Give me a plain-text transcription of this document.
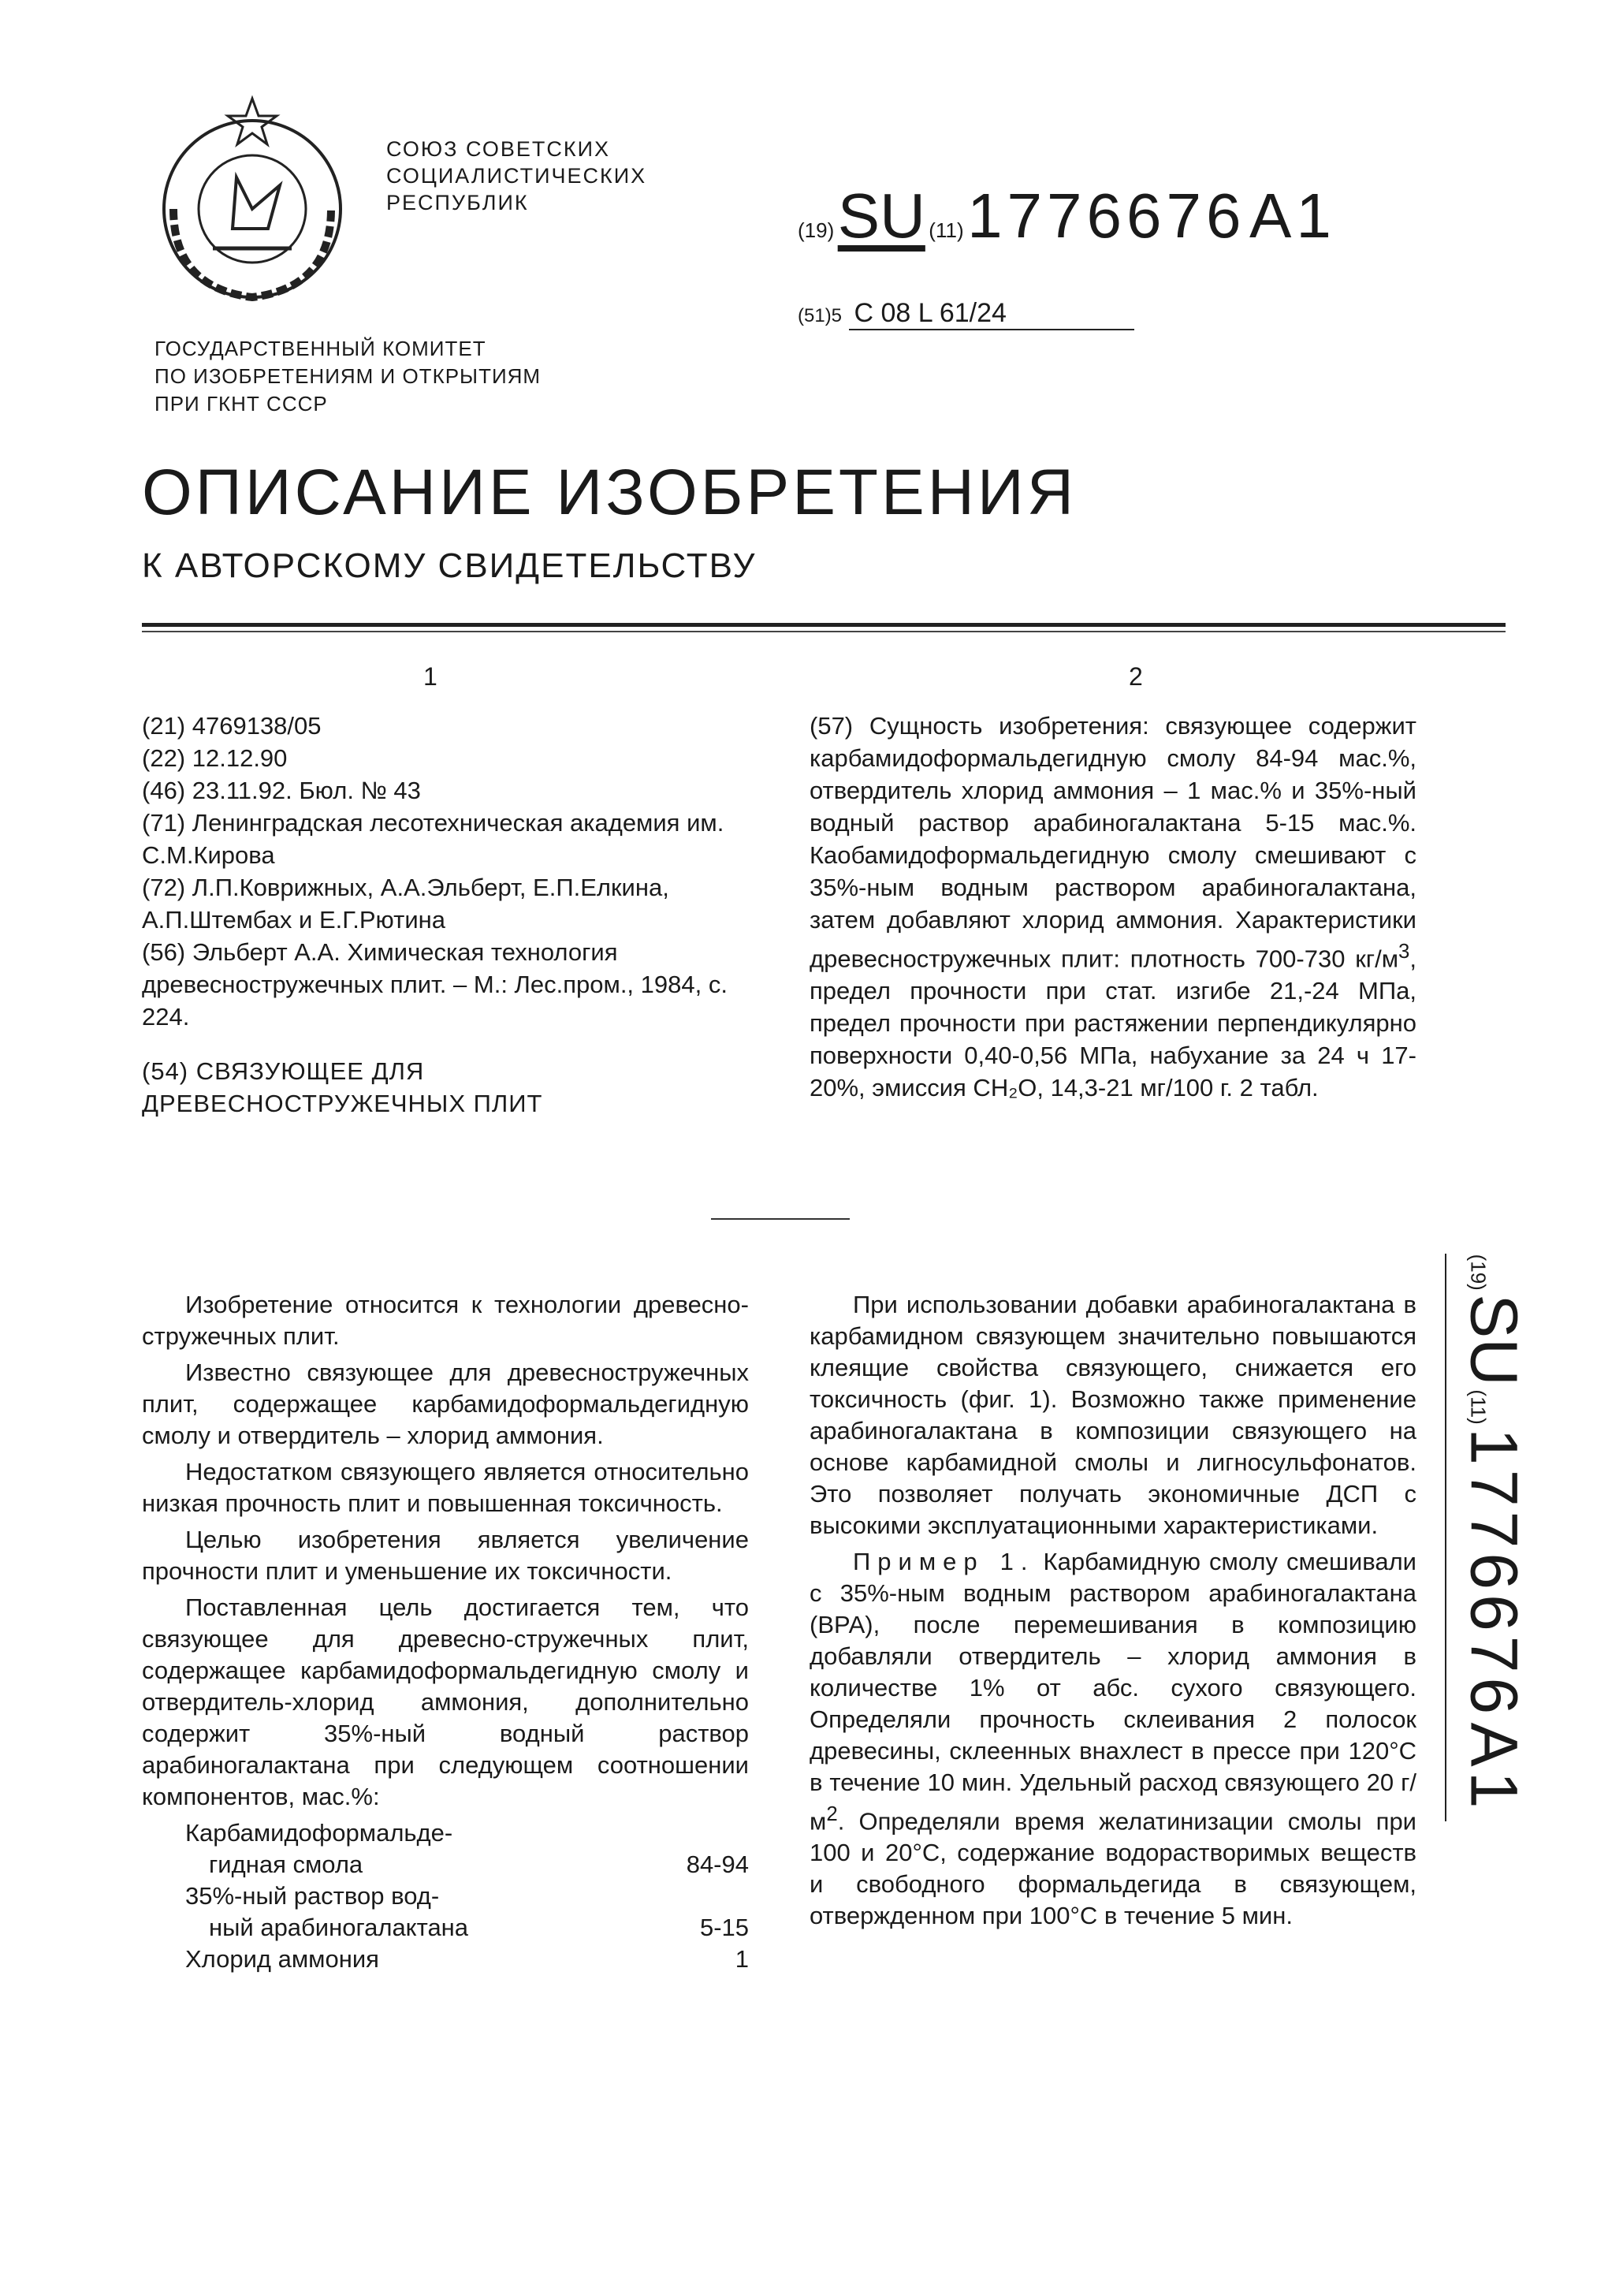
СОЮЗ СОВЕТСКИХ
СОЦИАЛИСТИЧЕСКИХ
РЕСПУБЛИК
ГОСУДАРСТВЕННЫЙ КОМИТЕТ
ПО ИЗОБРЕТЕНИЯМ И ОТКРЫТИЯМ
ПРИ ГКНТ СССР
(19) SU (11) 1776676 A1
(51)5 C 08 L 61/24
ОПИСАНИЕ ИЗОБРЕТЕНИЯ
К АВТОРСКОМУ СВИДЕТЕЛЬСТВУ
1	2

(21) 4769138/05

(22) 12.12.90

(46) 23.11.92. Бюл. № 43

(71) Ленинградская лесотехническая академия им. С.М.Кирова

(72) Л.П.Коврижных, А.А.Эльберт, Е.П.Елкина, А.П.Штембах и Е.Г.Рютина

(56) Эльберт А.А. Химическая технология древесностружечных плит. – М.: Лес.пром., 1984, с. 224.

(54) СВЯЗУЮЩЕЕ ДЛЯ ДРЕВЕСНОСТРУЖЕЧНЫХ ПЛИТ

(57) Сущность изобретения: связующее содержит карбамидоформальдегидную смолу 84-94 мас.%, отвердитель хлорид аммония – 1 мас.% и 35%-ный водный раствор арабиногалактана 5-15 мас.%. Каобамидоформальдегидную смолу смешивают с 35%-ным водным раствором арабиногалактана, затем добавляют хлорид аммония. Характеристики древесностружечных плит: плотность 700-730 $кг/м^3$, предел прочности при стат. изгибе 21,-24 МПа, предел прочности при растяжении перпендикулярно поверхности 0,40-0,56 МПа, набухание за 24 ч 17-20%, эмиссия CH₂O, 14,3-21 мг/100 г. 2 табл.

Изобретение относится к технологии древесно-стружечных плит.

Известно связующее для древесностружечных плит, содержащее карбамидоформальдегидную смолу и отвердитель – хлорид аммония.

Недостатком связующего является относительно низкая прочность плит и повышенная токсичность.

Целью изобретения является увеличение прочности плит и уменьшение их токсичности.

Поставленная цель достигается тем, что связующее для древесно-стружечных плит, содержащее карбамидоформальдегидную смолу и отвердитель-хлорид аммония, дополнительно содержит 35%-ный водный раствор арабиногалактана при следующем соотношении компонентов, мас.%:

Карбамидоформальде-
гидная смола	84-94
35%-ный раствор вод-
ный арабиногалактана	5-15
Хлорид аммония	1

При использовании добавки арабиногалактана в карбамидном связующем значительно повышаются клеящие свойства связующего, снижается его токсичность (фиг. 1). Возможно также применение арабиногалактана в композиции связующего на основе карбамидной смолы и лигносульфонатов. Это позволяет получать экономичные ДСП с высокими эксплуатационными характеристиками.

Пример 1. Карбамидную смолу смешивали с 35%-ным водным раствором арабиногалактана (ВРА), после перемешивания в композицию добавляли отвердитель – хлорид аммония в количестве 1% от абс. сухого связующего. Определяли прочность склеивания 2 полосок древесины, склеенных внахлест в прессе при 120°С в течение 10 мин. Удельный расход связующего 20 $г/м^2$. Определяли время желатинизации смолы при 100 и 20°С, содержание водорастворимых веществ и свободного формальдегида в связующем, отвержденном при 100°С в течение 5 мин.

(19) SU (11) 1776676 A1
